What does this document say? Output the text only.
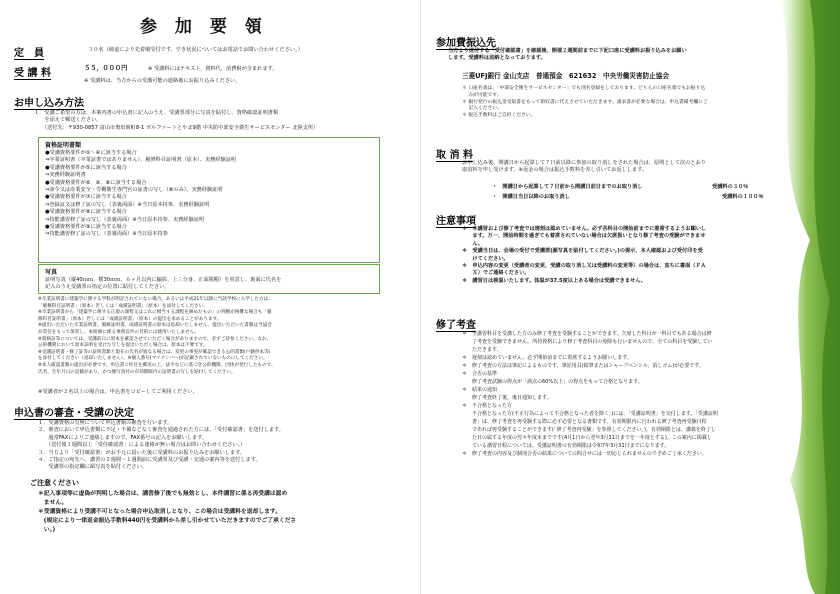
参 加 要 領
定　員	３０名（締退により先着順受付です。空き状況についてはお電話でお問い合わせください。）
受 講 料	５５，０００円	※ 受講料にはテキスト、資料代、消費税が含まれます。
※ 受講料は、当方からの受講可能の連絡後にお振り込みください。
お申し込み方法
１．受講ご希望の方は、本案内書の申込書に記入のうえ、受講票部分に写真を貼付し、資格確認証明書類
　　を添えて郵送ください。
　　（送付先：〒930-0857 富山市奥田新町8-1 ボルファートとやま9階 中災防中部安全衛生サービスセンター 北陸支所）
資格証明書類
●受講資格要件が①～④に該当する場合
⇒卒業証明書（卒業証書ではありません）、履修科目証明書（原本）、実務経験証明
●受講資格要件が⑤に該当する場合
⇒実務経験証明書
●受講資格要件が⑥、⑨、⑩に該当する場合
⇒該令又は産業安全・労働衛生専門官の証書の写し（⑩のみ）、実務経験証明
●受講資格要件が⑦に該当する場合
⇒登録証又は修了証の写し（表裏両面）※当日原本持参、実務経験証明
●受講資格要件が⑧に該当する場合
⇒技能講習修了証の写し（表裏両面）※当日原本持参、実務経験証明
●受講資格要件が⑨に該当する場合
⇒技能講習修了証の写し（表裏両面）※当日原本持参
写真
証明写真（縦40ｍｍ、横30ｍｍ、６ヶ月以内に撮影、上三分身、正面脱帽）を用意し、裏面に氏名を
記入のうえ受講票の指定の位置に貼付してください。
※卒業証明書に建築学に関する学科が明記されていない場合、あるいは平成21年以降に当該学校に入学した方は、
「履修科目証明書」（原本）若しくは「成績証明書」（原本）を添付してください。
※卒業証明書から「建築学に関する正規の課程又はこれに相当する課程を修めたもの」の判断が困難な場合も「履
修科目証明書」（原本）若しくは「成績証明書」（原本）の提出を求めることがあります。
※提出いただいた卒業証明書、履修証明書、成績証明書の原本は返却いたしません。提出いただいた書類は当協会
が責任をもって保管し、本研修に係る事務以外の目的には使用いたしません。
※資格証等については、受講前日に原本を確認させていただく場合がありますので、必ずご持参ください。なお、
公的機関において原本証明を受けた写しを提出いただく場合は、原本は不要です。
※受講証明書・修了証等の証明書類と現在の氏名が異なる場合は、変更の事実が確認できる公的書類(戸籍抄本等)
を添付してください（返却いたしません）。※個人番号(マイナンバー)が記載されていないものにしてください。
※本人確認書類の提出が必要です。申込書２枚目を郵送の上、法令などに基づき公的機関、団体が発行したもので、
氏名、生年月日の記載があり、かつ顔写真付の有効期限内の証明書の写しを貼付してください。
※受講者が２名以上の場合は、申込書をコピーしてご利用ください。
申込書の審査・受講の決定
１．受講資格の有無について申込書類の審査を行います。
２．審査において申込書類に不足・不備などなく審査を通過された方には、「受付確認書」を送付します。
　　通常FAXによりご連絡しますので、FAX番号の記入をお願いします。
　　（送付後１週間以上「受付確認書」による連絡が無い場合はお問い合わせください。）
３．当方より「受付確認書」がお手元に届いた後に受講料のお振り込みをお願いします。
４．ご指定の宛先へ、講習の２週間～１週間前に受講票及び受講・交通の案内等を送付します。
　　受講票の指定欄に顔写真を貼付ください。
ご注意ください
＊記入事項等に虚偽が判明した場合は、講習修了後でも無効とし、本件講習に係る再受講は認め
　ません。
＊受講資格により受講不可となった場合申込取消しとなり、この場合は受講料を返却します。
　(規定により一律返金振込手数料440円を受講料から差し引かせていただきますのでご了承くださ
　い。)
参加費振込先
当方より送付する「受付確認書」を確認後、開催２週間前までに下記口座に受講料お振り込みをお願い
します。受講料は前納となっております。
三菱UFJ銀行 金山支店　普通預金　621632　中央労働災害防止協会
＊ 口座名義は、「中部安全衛生サービスセンター」でも別名登録をしております。どちらの口座名義でもお振り込
　 みが可能です。
＊ 銀行発行の振込金受取書をもって領収書に代えさせていただきます。請求書が必要な場合は、申込書備考欄にご
　 記入ください。
＊ 振込手数料はご自担ください。
取 消 料
お申し込み後、開講日から起算して７日前以降に参加の取り消しをされた場合は、原則として次のとおり
取消料を申し受けます。※返金の場合は振込手数料を差し引いてお返しします。
・　開講日から起算して７日前から開講日前日までのお取り消し	受講料の３０％
・　開講日当日以降のお取り消し	受講料の１００％
注意事項
＊　本講習および修了考査では遅刻は認めていません。必ず各科目の開始前までに着席するようお願いし
　　ます。万一、開始時間を過ぎても着席されていない場合は欠席扱いとなり修了考査の受験ができませ
　　ん。
＊　受講当日は、会場の受付で受講票(顔写真を貼付してください。)の提示、本人確認および受付印を受
　　けてください。
＊　申込内容の変更（受講者の変更、受講の取り消し又は受講料の変更等）の場合は、直ちに書面（ＦＡ
　　Ｘ）でご連絡ください。
＊　講習日は検温いたします。体温が37.5度以上ある場合は受講できません。
修了考査
＊　全講習科目を受講した方のみ修了考査を受験することができます。欠席した科目が一科目でもある場合は修
　　了考査を受験できません。所持資格により修了考査科目の免除も行いませんので、全ての科目を受験してい
　　ただきます。
＊　遅刻は認めていません。必ず開始前までに着席するようお願いします。
＊　修了考査の方法は筆記によるものです。筆記用具(鉛筆またはシャープペンシル、消しゴム)が必要です。
＊　合否の基準
　　修了考査試験の得点が「満点の60%以上」の得点をもって合格となります。
＊　結果の通知
　　修了考査終了後、後日通知します。
＊　不合格となった方
　　不合格となった方(不正行為によって不合格となった者を除く。)には、「受講証明書」を交付します。「受講証明
　　書」は、修了考査を再受験する際に必ず必要となる書類です。有効期限内に行われる修了考査再受験日程
　　であれば再受験することができます(「修了考査再受験」を参照してください。)。有効期限とは、講義を終了し
　　た日の属する年度の翌々年度末までです(4月1日から翌年3月31日までを一年度とする)。この案内に掲載し
　　ている講習日程については、受講証明書の有効期限は令和7年3月31日までになります。
＊　修了考査の内容及び個別合否の結果についての問合せには一切応じられませんので予めご了承ください。
